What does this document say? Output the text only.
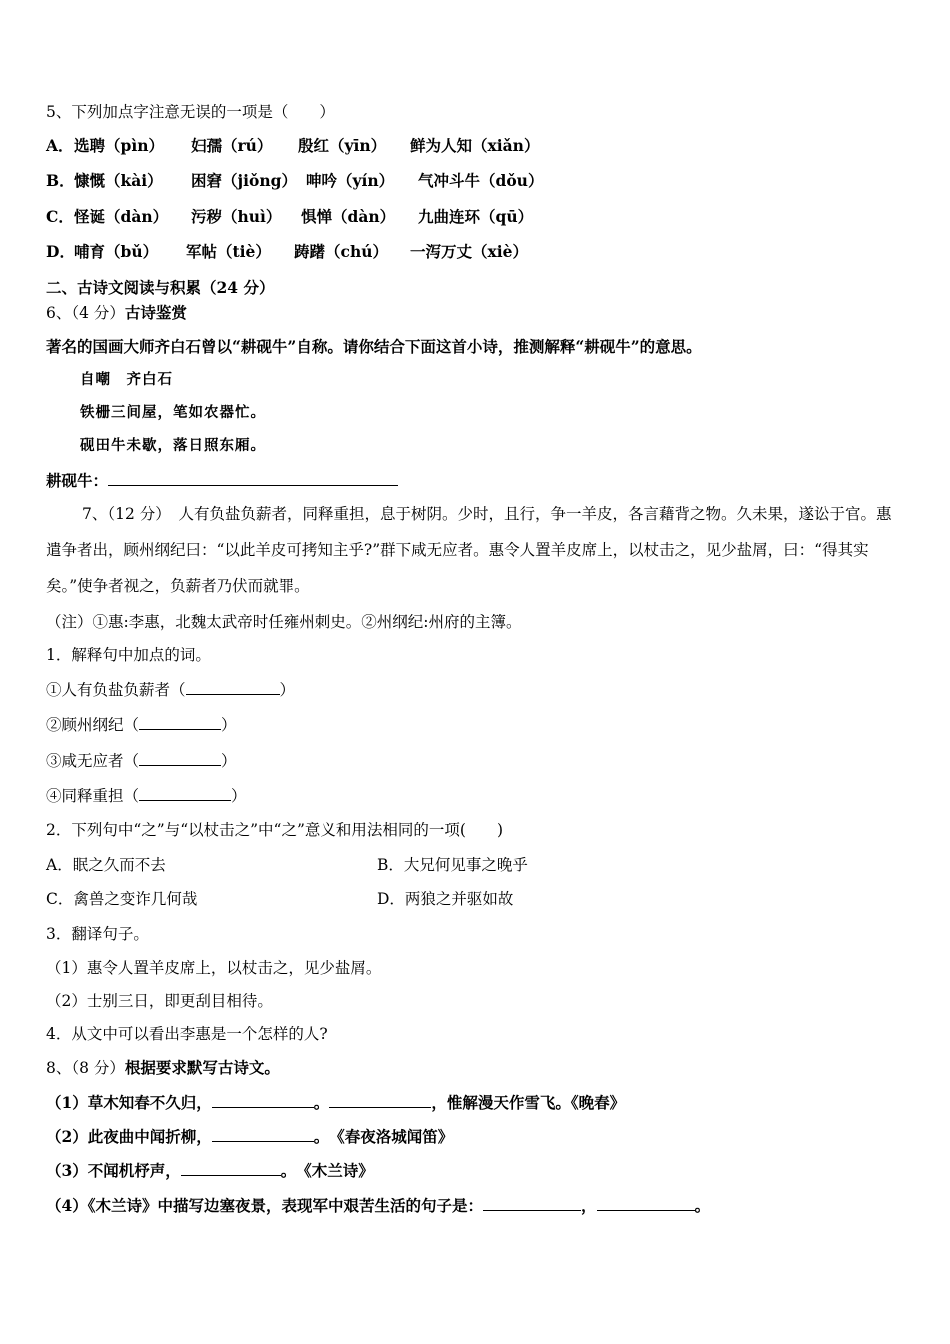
5、下列加点字注意无误的一项是（　　）
A． 选聘（pìn） 妇孺（rú） 殷红（yīn） 鲜为人知（xiǎn）
B． 慷慨（kài） 困窘（jiǒng） 呻吟（yín） 气冲斗牛（dǒu）
C． 怪诞（dàn） 污秽（huì） 惧惮（dàn） 九曲连环（qū）
D． 哺育（bǔ） 军帖（tiè） 踌躇（chú） 一泻万丈（xiè）
二、古诗文阅读与积累（24 分）
6、（4 分）古诗鉴赏
著名的国画大师齐白石曾以“耕砚牛”自称。请你结合下面这首小诗，推测解释“耕砚牛”的意思。
自嘲　齐白石
铁栅三间屋，笔如农器忙。
砚田牛未歇，落日照东厢。
耕砚牛：
7、（12 分）　人有负盐负薪者，同释重担，息于树阴。少时，且行，争一羊皮，各言藉背之物。久未果，遂讼于官。惠遣争者出，顾州纲纪曰：“以此羊皮可拷知主乎?”群下咸无应者。惠令人置羊皮席上，以杖击之，见少盐屑，曰：“得其实矣。”使争者视之，负薪者乃伏而就罪。
（注）①惠:李惠，北魏太武帝时任雍州刺史。②州纲纪:州府的主簿。
1．解释句中加点的词。
①人有负盐负薪者（	）
②顾州纲纪（	）
③咸无应者（	）
④同释重担（	）
2．下列句中“之”与“以杖击之”中“之”意义和用法相同的一项(　　)
A．眠之久而不去	B．大兄何见事之晚乎
C．禽兽之变诈几何哉	D．两狼之并驱如故
3．翻译句子。
（1）惠令人置羊皮席上，以杖击之，见少盐屑。
（2）士别三日，即更刮目相待。
4．从文中可以看出李惠是一个怎样的人?
8、（8 分）根据要求默写古诗文。
（1）草木知春不久归，	。	，惟解漫天作雪飞。《晚春》
（2）此夜曲中闻折柳，	。　《春夜洛城闻笛》
（3）不闻机杼声，	。　《木兰诗》
（4）《木兰诗》中描写边塞夜景，表现军中艰苦生活的句子是：	，	。
